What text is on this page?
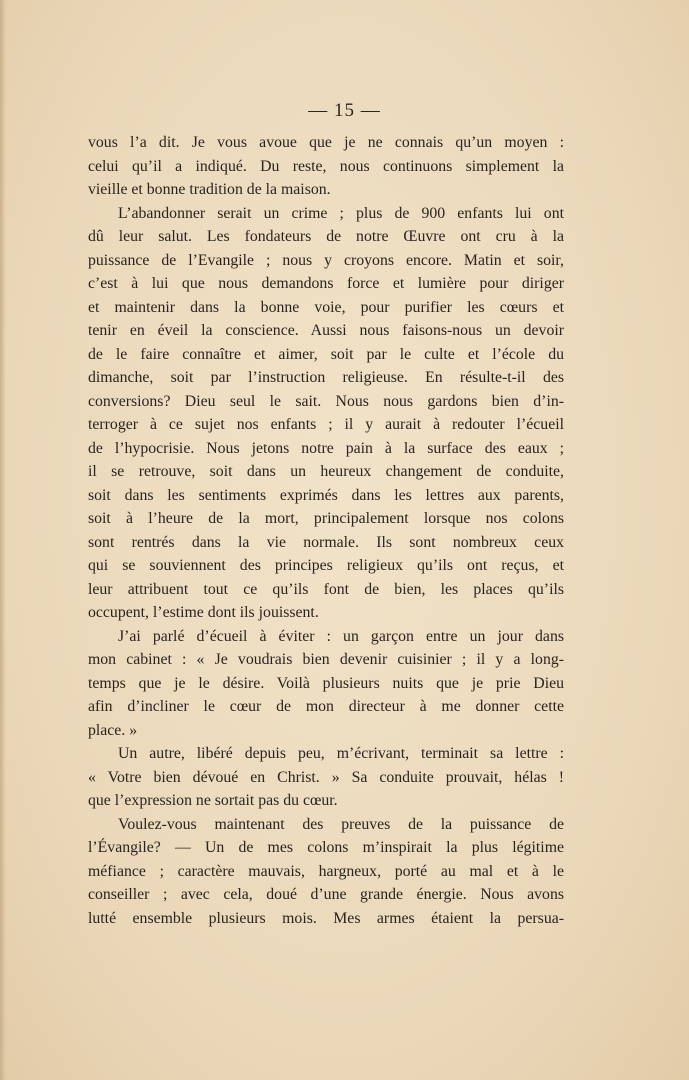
— 15 —
vous l’a dit. Je vous avoue que je ne connais qu’un moyen :
celui qu’il a indiqué. Du reste, nous continuons simplement la
vieille et bonne tradition de la maison.
L’abandonner serait un crime ; plus de 900 enfants lui ont
dû leur salut. Les fondateurs de notre Œuvre ont cru à la
puissance de l’Evangile ; nous y croyons encore. Matin et soir,
c’est à lui que nous demandons force et lumière pour diriger
et maintenir dans la bonne voie, pour purifier les cœurs et
tenir en éveil la conscience. Aussi nous faisons-nous un devoir
de le faire connaître et aimer, soit par le culte et l’école du
dimanche, soit par l’instruction religieuse. En résulte-t-il des
conversions? Dieu seul le sait. Nous nous gardons bien d’in-
terroger à ce sujet nos enfants ; il y aurait à redouter l’écueil
de l’hypocrisie. Nous jetons notre pain à la surface des eaux ;
il se retrouve, soit dans un heureux changement de conduite,
soit dans les sentiments exprimés dans les lettres aux parents,
soit à l’heure de la mort, principalement lorsque nos colons
sont rentrés dans la vie normale. Ils sont nombreux ceux
qui se souviennent des principes religieux qu’ils ont reçus, et
leur attribuent tout ce qu’ils font de bien, les places qu’ils
occupent, l’estime dont ils jouissent.
J’ai parlé d’écueil à éviter : un garçon entre un jour dans
mon cabinet : « Je voudrais bien devenir cuisinier ; il y a long-
temps que je le désire. Voilà plusieurs nuits que je prie Dieu
afin d’incliner le cœur de mon directeur à me donner cette
place. »
Un autre, libéré depuis peu, m’écrivant, terminait sa lettre :
« Votre bien dévoué en Christ. » Sa conduite prouvait, hélas !
que l’expression ne sortait pas du cœur.
Voulez-vous maintenant des preuves de la puissance de
l’Évangile? — Un de mes colons m’inspirait la plus légitime
méfiance ; caractère mauvais, hargneux, porté au mal et à le
conseiller ; avec cela, doué d’une grande énergie. Nous avons
lutté ensemble plusieurs mois. Mes armes étaient la persua-
